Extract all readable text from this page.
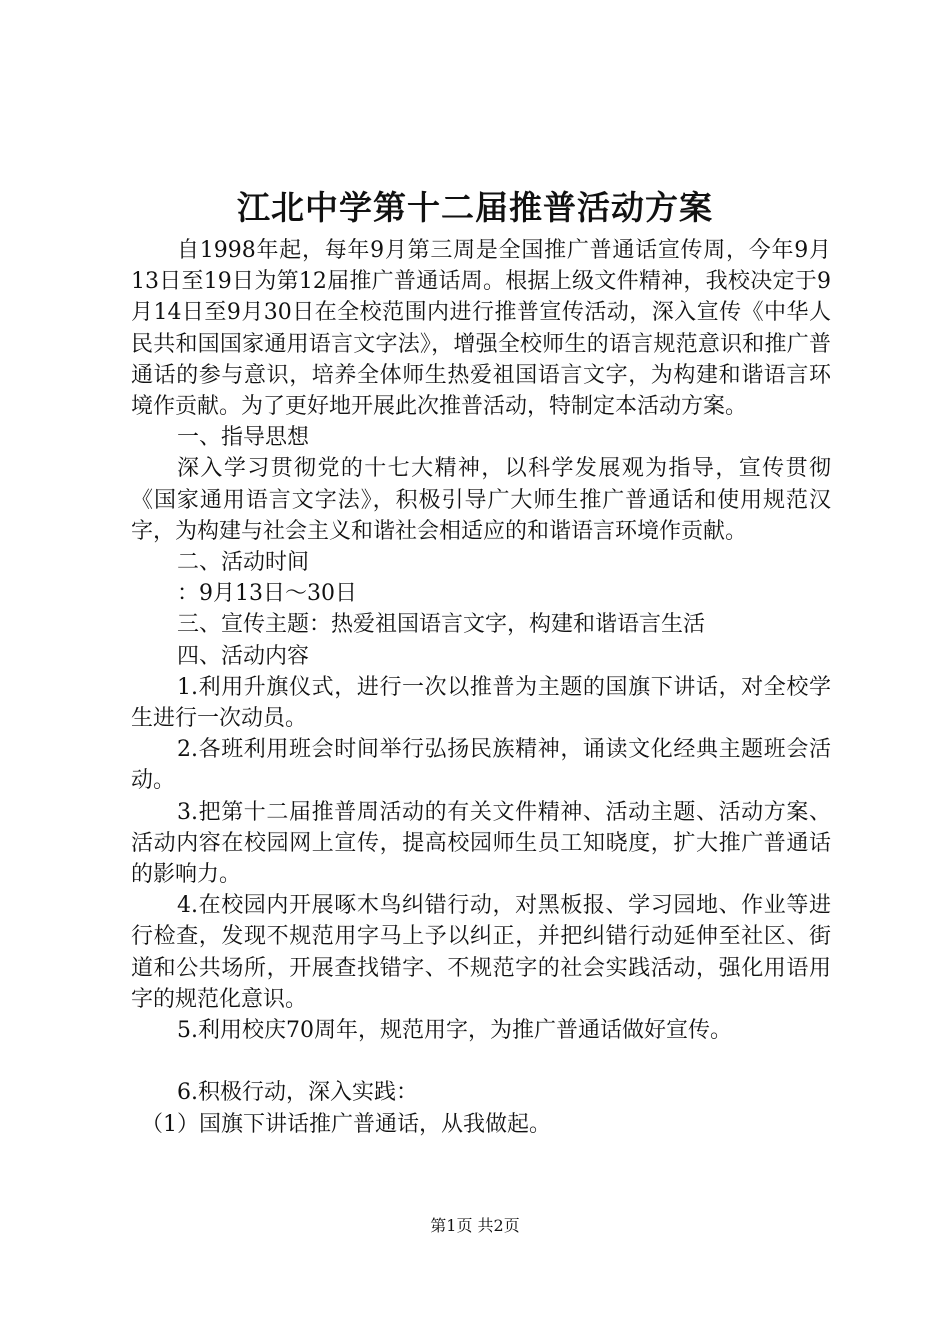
江北中学第十二届推普活动方案

自1998年起，每年9月第三周是全国推广普通话宣传周，今年9月13日至19日为第12届推广普通话周。根据上级文件精神，我校决定于9月14日至9月30日在全校范围内进行推普宣传活动，深入宣传《中华人民共和国国家通用语言文字法》，增强全校师生的语言规范意识和推广普通话的参与意识，培养全体师生热爱祖国语言文字，为构建和谐语言环境作贡献。为了更好地开展此次推普活动，特制定本活动方案。

一、指导思想

深入学习贯彻党的十七大精神，以科学发展观为指导，宣传贯彻《国家通用语言文字法》，积极引导广大师生推广普通话和使用规范汉字，为构建与社会主义和谐社会相适应的和谐语言环境作贡献。

二、活动时间

：9月13日～30日

三、宣传主题：热爱祖国语言文字，构建和谐语言生活

四、活动内容

1.利用升旗仪式，进行一次以推普为主题的国旗下讲话，对全校学生进行一次动员。

2.各班利用班会时间举行弘扬民族精神，诵读文化经典主题班会活动。

3.把第十二届推普周活动的有关文件精神、活动主题、活动方案、活动内容在校园网上宣传，提高校园师生员工知晓度，扩大推广普通话的影响力。

4.在校园内开展啄木鸟纠错行动，对黑板报、学习园地、作业等进行检查，发现不规范用字马上予以纠正，并把纠错行动延伸至社区、街道和公共场所，开展查找错字、不规范字的社会实践活动，强化用语用字的规范化意识。

5.利用校庆70周年，规范用字，为推广普通话做好宣传。

6.积极行动，深入实践：

（1）国旗下讲话推广普通话，从我做起。

第1页 共2页
